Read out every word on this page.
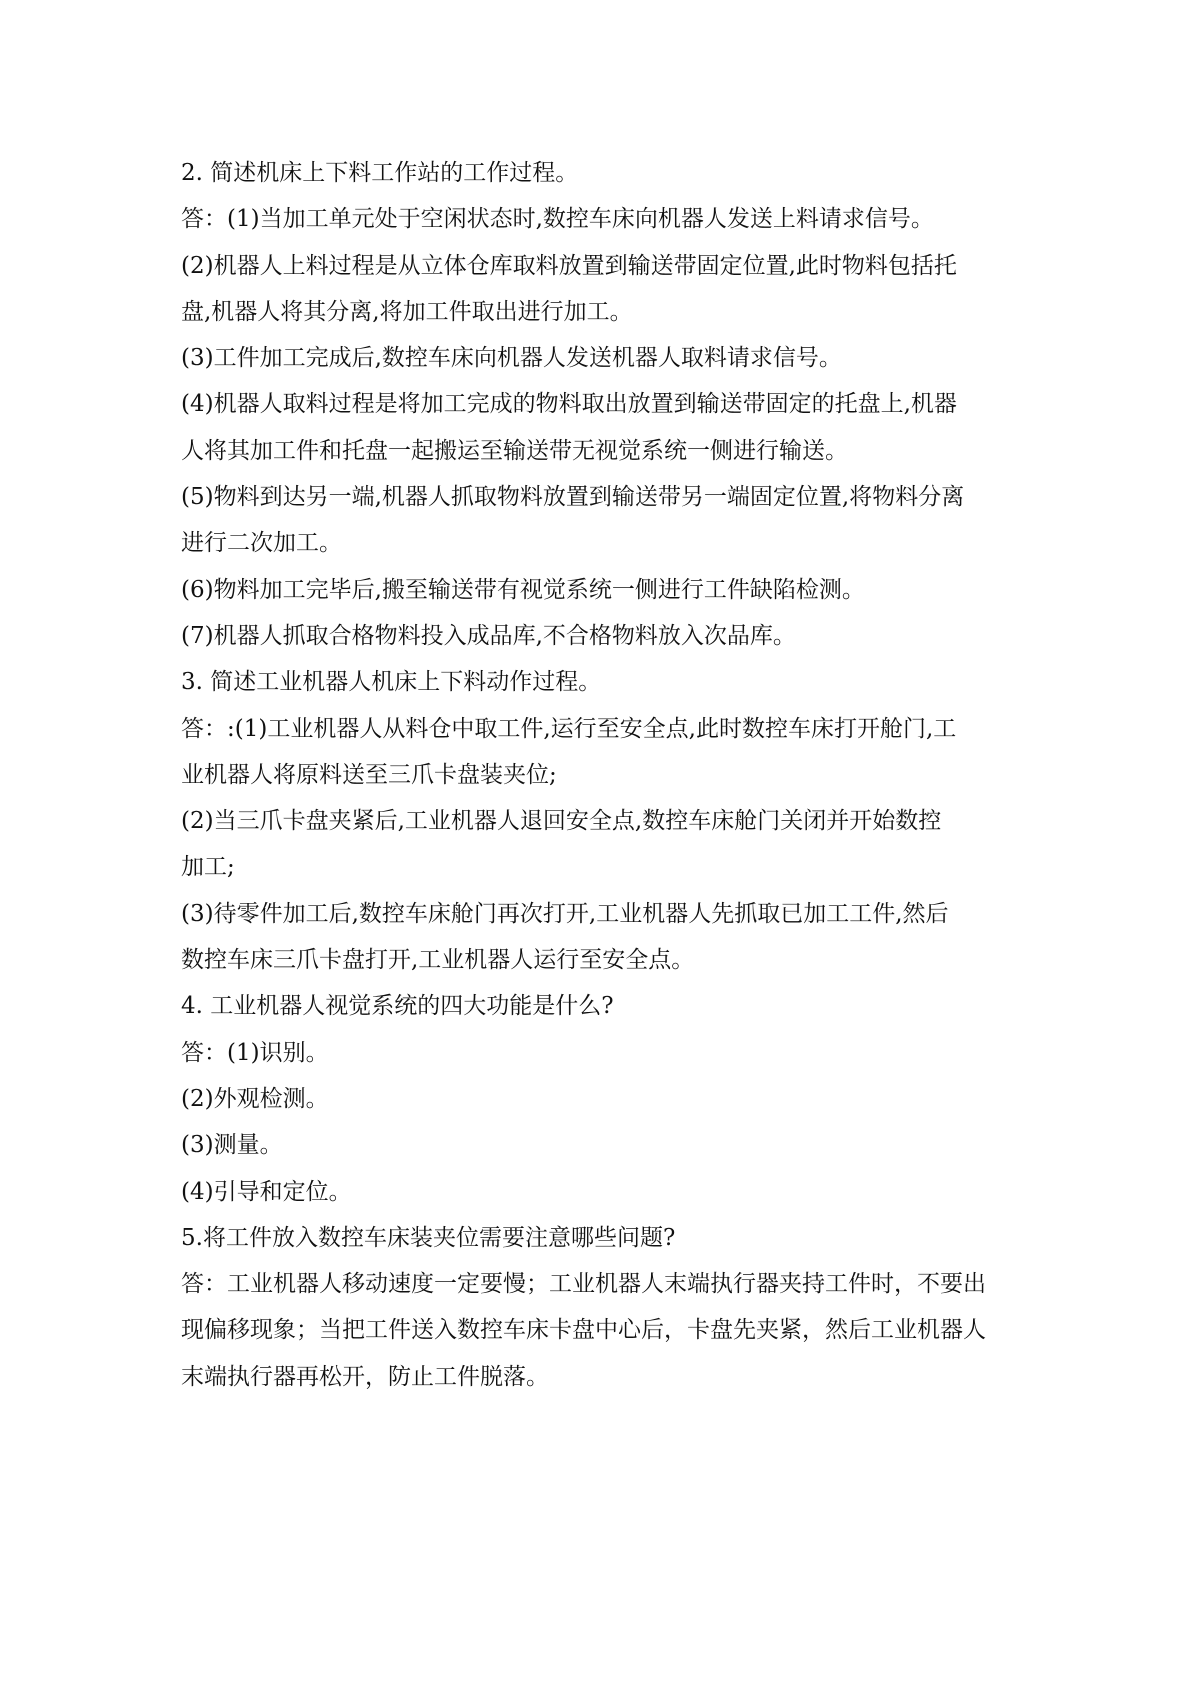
2. 简述机床上下料工作站的工作过程。

答：(1)当加工单元处于空闲状态时,数控车床向机器人发送上料请求信号。

(2)机器人上料过程是从立体仓库取料放置到输送带固定位置,此时物料包括托

盘,机器人将其分离,将加工件取出进行加工。

(3)工件加工完成后,数控车床向机器人发送机器人取料请求信号。

(4)机器人取料过程是将加工完成的物料取出放置到输送带固定的托盘上,机器

人将其加工件和托盘一起搬运至输送带无视觉系统一侧进行输送。

(5)物料到达另一端,机器人抓取物料放置到输送带另一端固定位置,将物料分离

进行二次加工。

(6)物料加工完毕后,搬至输送带有视觉系统一侧进行工件缺陷检测。

(7)机器人抓取合格物料投入成品库,不合格物料放入次品库。

3. 简述工业机器人机床上下料动作过程。

答：:(1)工业机器人从料仓中取工件,运行至安全点,此时数控车床打开舱门,工

业机器人将原料送至三爪卡盘装夹位;

(2)当三爪卡盘夹紧后,工业机器人退回安全点,数控车床舱门关闭并开始数控

加工;

(3)待零件加工后,数控车床舱门再次打开,工业机器人先抓取已加工工件,然后

数控车床三爪卡盘打开,工业机器人运行至安全点。

4. 工业机器人视觉系统的四大功能是什么?

答：(1)识别。

(2)外观检测。

(3)测量。

(4)引导和定位。

5.将工件放入数控车床装夹位需要注意哪些问题?

答：工业机器人移动速度一定要慢；工业机器人末端执行器夹持工件时，不要出

现偏移现象；当把工件送入数控车床卡盘中心后，卡盘先夹紧，然后工业机器人

末端执行器再松开，防止工件脱落。
